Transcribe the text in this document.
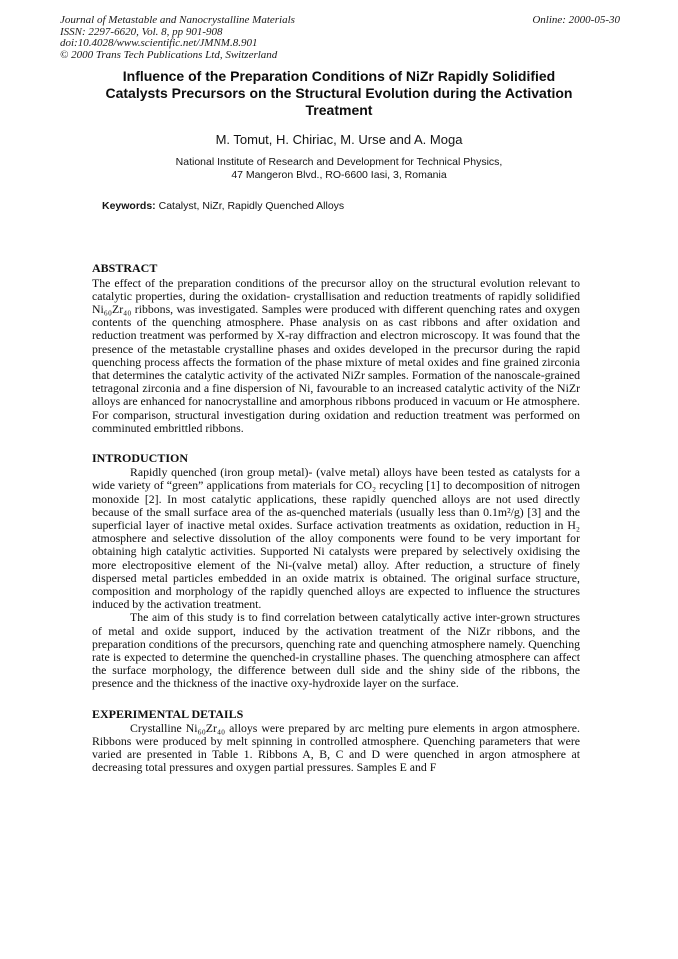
Journal of Metastable and Nanocrystalline Materials
ISSN: 2297-6620, Vol. 8, pp 901-908
doi:10.4028/www.scientific.net/JMNM.8.901
© 2000 Trans Tech Publications Ltd, Switzerland
Online: 2000-05-30
Influence of the Preparation Conditions of NiZr Rapidly Solidified Catalysts Precursors on the Structural Evolution during the Activation Treatment
M. Tomut, H. Chiriac, M. Urse and A. Moga
National Institute of Research and Development for Technical Physics,
47 Mangeron Blvd., RO-6600 Iasi, 3, Romania
Keywords: Catalyst, NiZr, Rapidly Quenched Alloys
ABSTRACT

The effect of the preparation conditions of the precursor alloy on the structural evolution relevant to catalytic properties, during the oxidation- crystallisation and reduction treatments of rapidly solidified Ni₆₀Zr₄₀ ribbons, was investigated. Samples were produced with different quenching rates and oxygen contents of the quenching atmosphere. Phase analysis on as cast ribbons and after oxidation and reduction treatment was performed by X-ray diffraction and electron microscopy. It was found that the presence of the metastable crystalline phases and oxides developed in the precursor during the rapid quenching process affects the formation of the phase mixture of metal oxides and fine grained zirconia that determines the catalytic activity of the activated NiZr samples. Formation of the nanoscale-grained tetragonal zirconia and a fine dispersion of Ni, favourable to an increased catalytic activity of the NiZr alloys are enhanced for nanocrystalline and amorphous ribbons produced in vacuum or He atmosphere. For comparison, structural investigation during oxidation and reduction treatment was performed on comminuted embrittled ribbons.

INTRODUCTION

Rapidly quenched (iron group metal)- (valve metal) alloys have been tested as catalysts for a wide variety of “green” applications from materials for CO₂ recycling [1] to decomposition of nitrogen monoxide [2]. In most catalytic applications, these rapidly quenched alloys are not used directly because of the small surface area of the as-quenched materials (usually less than 0.1m²/g) [3] and the superficial layer of inactive metal oxides. Surface activation treatments as oxidation, reduction in H₂ atmosphere and selective dissolution of the alloy components were found to be very important for obtaining high catalytic activities. Supported Ni catalysts were prepared by selectively oxidising the more electropositive element of the Ni-(valve metal) alloy. After reduction, a structure of finely dispersed metal particles embedded in an oxide matrix is obtained. The original surface structure, composition and morphology of the rapidly quenched alloys are expected to influence the structures induced by the activation treatment.

The aim of this study is to find correlation between catalytically active inter-grown structures of metal and oxide support, induced by the activation treatment of the NiZr ribbons, and the preparation conditions of the precursors, quenching rate and quenching atmosphere namely. Quenching rate is expected to determine the quenched-in crystalline phases. The quenching atmosphere can affect the surface morphology, the difference between dull side and the shiny side of the ribbons, the presence and the thickness of the inactive oxy-hydroxide layer on the surface.

EXPERIMENTAL DETAILS

Crystalline Ni₆₀Zr₄₀ alloys were prepared by arc melting pure elements in argon atmosphere. Ribbons were produced by melt spinning in controlled atmosphere. Quenching parameters that were varied are presented in Table 1. Ribbons A, B, C and D were quenched in argon atmosphere at decreasing total pressures and oxygen partial pressures. Samples E and F
